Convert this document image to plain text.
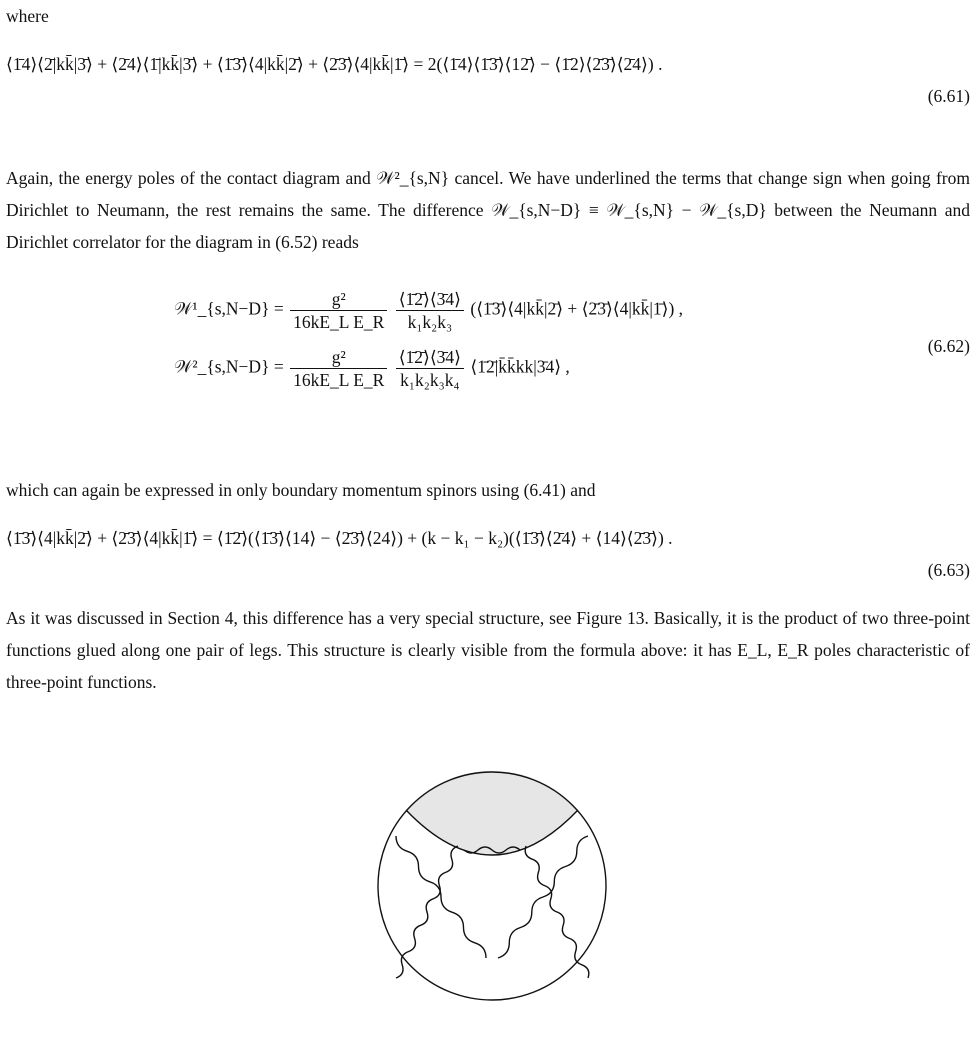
where

⟨1̄4⟩⟨2̄|kk̄|3̄⟩ + ⟨2̄4⟩⟨1̄|kk̄|3̄⟩ + ⟨1̄3̄⟩⟨4|kk̄|2̄⟩ + ⟨2̄3̄⟩⟨4|kk̄|1̄⟩ = 2(⟨1̄4⟩⟨1̄3̄⟩⟨12̄⟩ − ⟨1̄2⟩⟨2̄3̄⟩⟨2̄4⟩) .
(6.61)

Again, the energy poles of the contact diagram and 𝒲²_{s,N} cancel. We have underlined the terms that change sign when going from Dirichlet to Neumann, the rest remains the same. The difference 𝒲_{s,N−D} ≡ 𝒲_{s,N} − 𝒲_{s,D} between the Neumann and Dirichlet correlator for the diagram in (6.52) reads

𝒲¹_{s,N−D} = $\frac{\text{g²}}{\text{16kE\_L E\_R}}$
$\frac{⟨1̄2̄⟩⟨3̄4⟩}{\text{k₁k₂k₃}}$ (⟨1̄3̄⟩⟨4|kk̄|2̄⟩ + ⟨2̄3̄⟩⟨4|kk̄|1̄⟩) ,
𝒲²_{s,N−D} = $\frac{\text{g²}}{\text{16kE\_L E\_R}}$
$\frac{⟨1̄2̄⟩⟨3̄4⟩}{\text{k₁k₂k₃k₄}}$ ⟨1̄2̄|k̄k̄kk|3̄4⟩ ,
(6.62)

which can again be expressed in only boundary momentum spinors using (6.41) and

⟨1̄3̄⟩⟨4|kk̄|2̄⟩ + ⟨2̄3̄⟩⟨4|kk̄|1̄⟩ = ⟨1̄2̄⟩(⟨1̄3̄⟩⟨14⟩ − ⟨2̄3̄⟩⟨24⟩) + (k − k₁ − k₂)(⟨1̄3̄⟩⟨2̄4⟩ + ⟨14⟩⟨2̄3̄⟩) .
(6.63)

As it was discussed in Section 4, this difference has a very special structure, see Figure 13. Basically, it is the product of two three-point functions glued along one pair of legs. This structure is clearly visible from the formula above: it has E_L, E_R poles characteristic of three-point functions.
